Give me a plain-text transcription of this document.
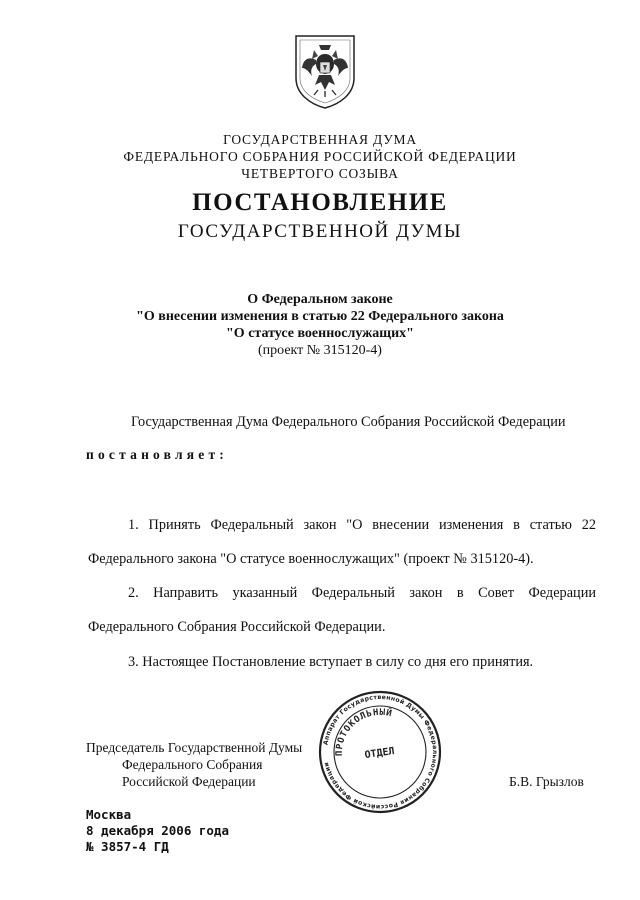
ГОСУДАРСТВЕННАЯ ДУМА
ФЕДЕРАЛЬНОГО СОБРАНИЯ РОССИЙСКОЙ ФЕДЕРАЦИИ
ЧЕТВЕРТОГО СОЗЫВА
ПОСТАНОВЛЕНИЕ
ГОСУДАРСТВЕННОЙ ДУМЫ
О Федеральном законе
"О внесении изменения в статью 22 Федерального закона
"О статусе военнослужащих"
(проект № 315120-4)
Государственная Дума Федерального Собрания Российской Федерации
постановляет:
1. Принять Федеральный закон "О внесении изменения в статью 22
Федерального закона "О статусе военнослужащих" (проект № 315120-4).
2. Направить указанный Федеральный закон в Совет Федерации
Федерального Собрания Российской Федерации.
3. Настоящее Постановление вступает в силу со дня его принятия.
Председатель Государственной Думы
Федерального Собрания
Российской Федерации	Б.В. Грызлов
Аппарат Государственной Думы Федерального Собрания Российской Федерации
ПРОТОКОЛЬНЫЙ
ОТДЕЛ
Москва
8 декабря 2006 года
№ 3857-4 ГД
